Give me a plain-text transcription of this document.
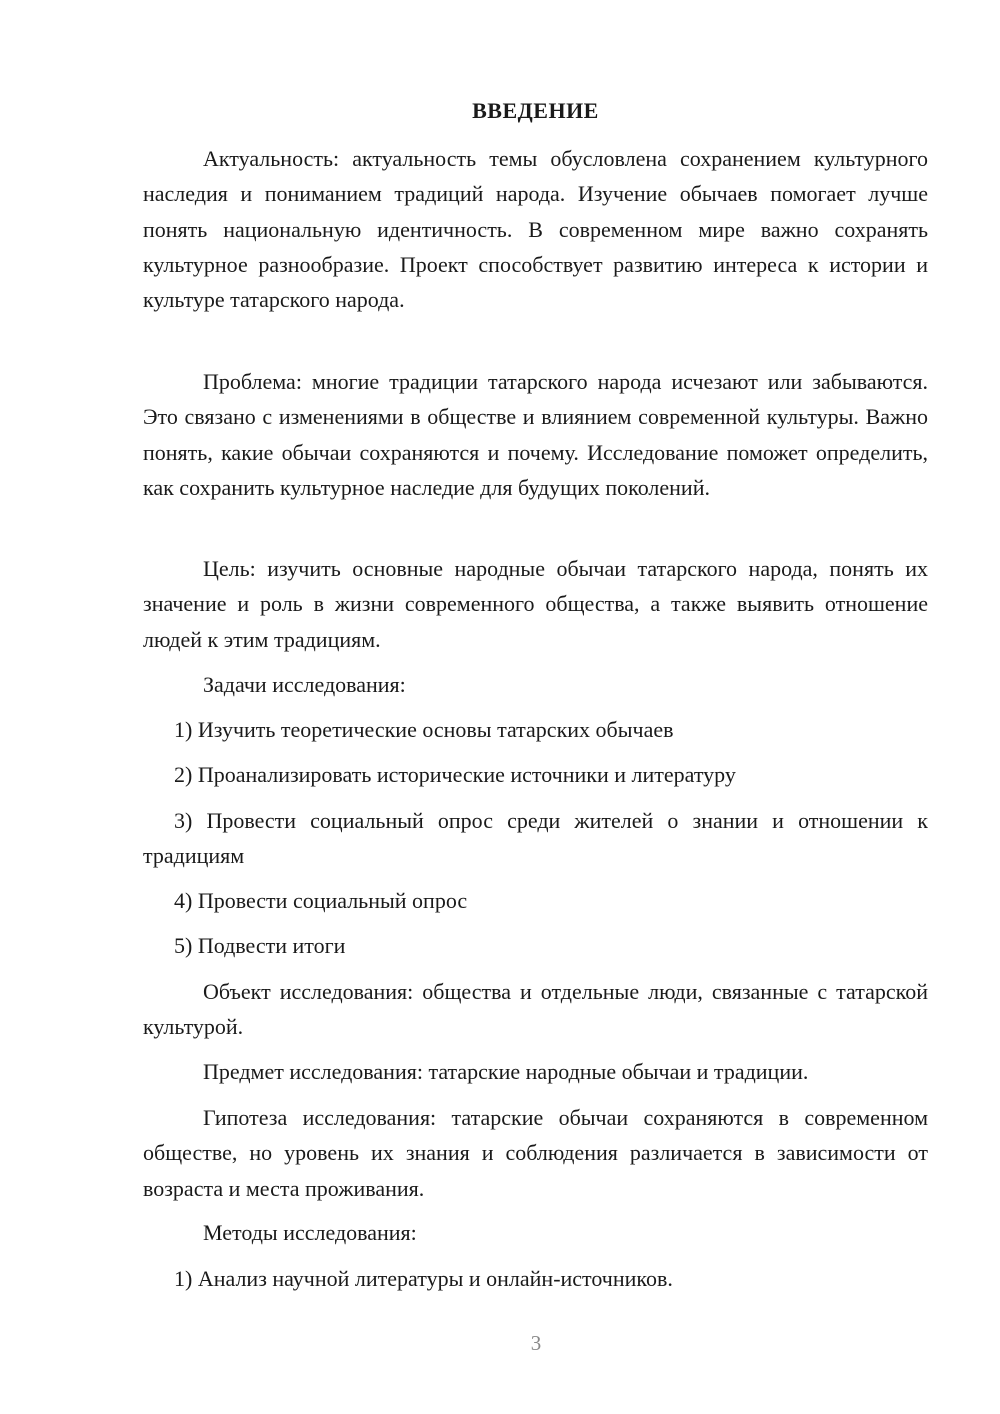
ВВЕДЕНИЕ

Актуальность: актуальность темы обусловлена сохранением культурного наследия и пониманием традиций народа. Изучение обычаев помогает лучше понять национальную идентичность. В современном мире важно сохранять культурное разнообразие. Проект способствует развитию интереса к истории и культуре татарского народа.

Проблема: многие традиции татарского народа исчезают или забываются. Это связано с изменениями в обществе и влиянием современной культуры. Важно понять, какие обычаи сохраняются и почему. Исследование поможет определить, как сохранить культурное наследие для будущих поколений.

Цель: изучить основные народные обычаи татарского народа, понять их значение и роль в жизни современного общества, а также выявить отношение людей к этим традициям.

Задачи исследования:

1) Изучить теоретические основы татарских обычаев

2) Проанализировать исторические источники и литературу

3) Провести социальный опрос среди жителей о знании и отношении к традициям

4) Провести социальный опрос

5) Подвести итоги

Объект исследования: общества и отдельные люди, связанные с татарской культурой.

Предмет исследования: татарские народные обычаи и традиции.

Гипотеза исследования: татарские обычаи сохраняются в современном обществе, но уровень их знания и соблюдения различается в зависимости от возраста и места проживания.

Методы исследования:

1) Анализ научной литературы и онлайн-источников.

3
